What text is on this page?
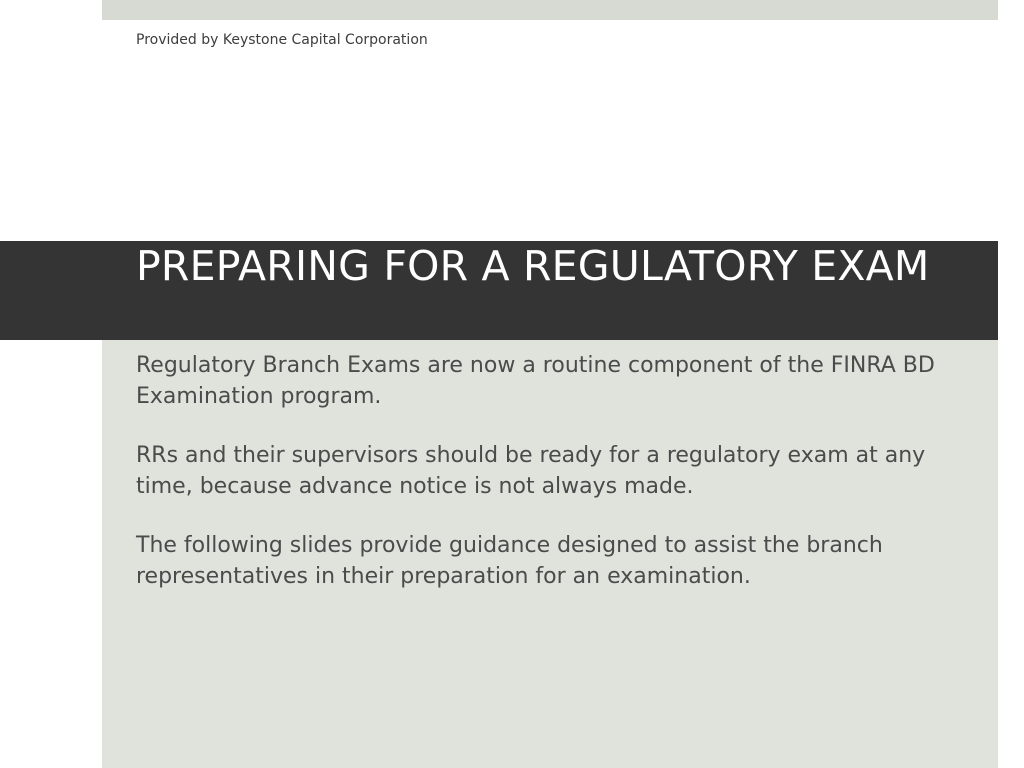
Provided by Keystone Capital Corporation
PREPARING FOR A REGULATORY EXAM

Regulatory Branch Exams are now a routine component of the FINRA BD Examination program.

RRs and their supervisors should be ready for a regulatory exam at any time, because advance notice is not always made.

The following slides provide guidance designed to assist the branch representatives in their preparation for an examination.
